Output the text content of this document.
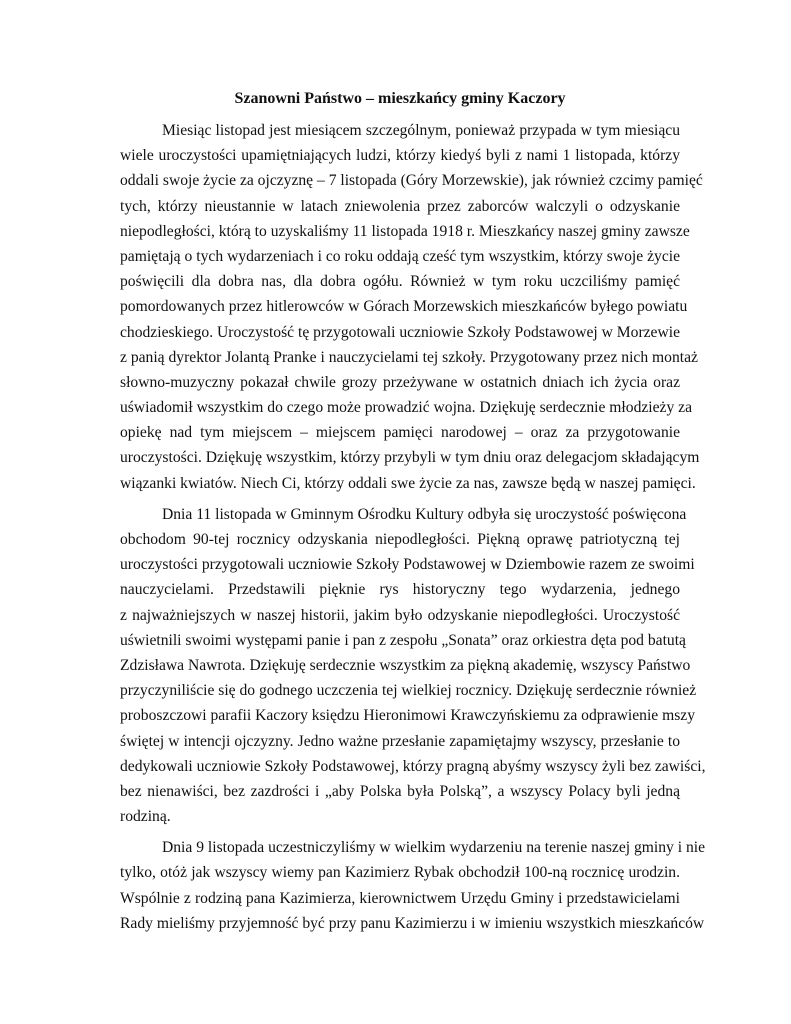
Szanowni Państwo – mieszkańcy gminy Kaczory

Miesiąc listopad jest miesiącem szczególnym, ponieważ przypada w tym miesiącu
wiele uroczystości upamiętniających ludzi, którzy kiedyś byli z nami 1 listopada, którzy
oddali swoje życie za ojczyznę – 7 listopada (Góry Morzewskie), jak również czcimy pamięć
tych, którzy nieustannie w latach zniewolenia przez zaborców walczyli o odzyskanie
niepodległości, którą to uzyskaliśmy 11 listopada 1918 r. Mieszkańcy naszej gminy zawsze
pamiętają o tych wydarzeniach i co roku oddają cześć tym wszystkim, którzy swoje życie
poświęcili dla dobra nas, dla dobra ogółu. Również w tym roku uczciliśmy pamięć
pomordowanych przez hitlerowców w Górach Morzewskich mieszkańców byłego powiatu
chodzieskiego. Uroczystość tę przygotowali uczniowie Szkoły Podstawowej w Morzewie
z panią dyrektor Jolantą Pranke i nauczycielami tej szkoły. Przygotowany przez nich montaż
słowno-muzyczny pokazał chwile grozy przeżywane w ostatnich dniach ich życia oraz
uświadomił wszystkim do czego może prowadzić wojna. Dziękuję serdecznie młodzieży za
opiekę nad tym miejscem – miejscem pamięci narodowej – oraz za przygotowanie
uroczystości. Dziękuję wszystkim, którzy przybyli w tym dniu oraz delegacjom składającym
wiązanki kwiatów. Niech Ci, którzy oddali swe życie za nas, zawsze będą w naszej pamięci.

Dnia 11 listopada w Gminnym Ośrodku Kultury odbyła się uroczystość poświęcona
obchodom 90-tej rocznicy odzyskania niepodległości. Piękną oprawę patriotyczną tej
uroczystości przygotowali uczniowie Szkoły Podstawowej w Dziembowie razem ze swoimi
nauczycielami. Przedstawili pięknie rys historyczny tego wydarzenia, jednego
z najważniejszych w naszej historii, jakim było odzyskanie niepodległości. Uroczystość
uświetnili swoimi występami panie i pan z zespołu „Sonata” oraz orkiestra dęta pod batutą
Zdzisława Nawrota. Dziękuję serdecznie wszystkim za piękną akademię, wszyscy Państwo
przyczyniliście się do godnego uczczenia tej wielkiej rocznicy. Dziękuję serdecznie również
proboszczowi parafii Kaczory księdzu Hieronimowi Krawczyńskiemu za odprawienie mszy
świętej w intencji ojczyzny. Jedno ważne przesłanie zapamiętajmy wszyscy, przesłanie to
dedykowali uczniowie Szkoły Podstawowej, którzy pragną abyśmy wszyscy żyli bez zawiści,
bez nienawiści, bez zazdrości i „aby Polska była Polską”, a wszyscy Polacy byli jedną
rodziną.

Dnia 9 listopada uczestniczyliśmy w wielkim wydarzeniu na terenie naszej gminy i nie
tylko, otóż jak wszyscy wiemy pan Kazimierz Rybak obchodził 100-ną rocznicę urodzin.
Wspólnie z rodziną pana Kazimierza, kierownictwem Urzędu Gminy i przedstawicielami
Rady mieliśmy przyjemność być przy panu Kazimierzu i w imieniu wszystkich mieszkańców
